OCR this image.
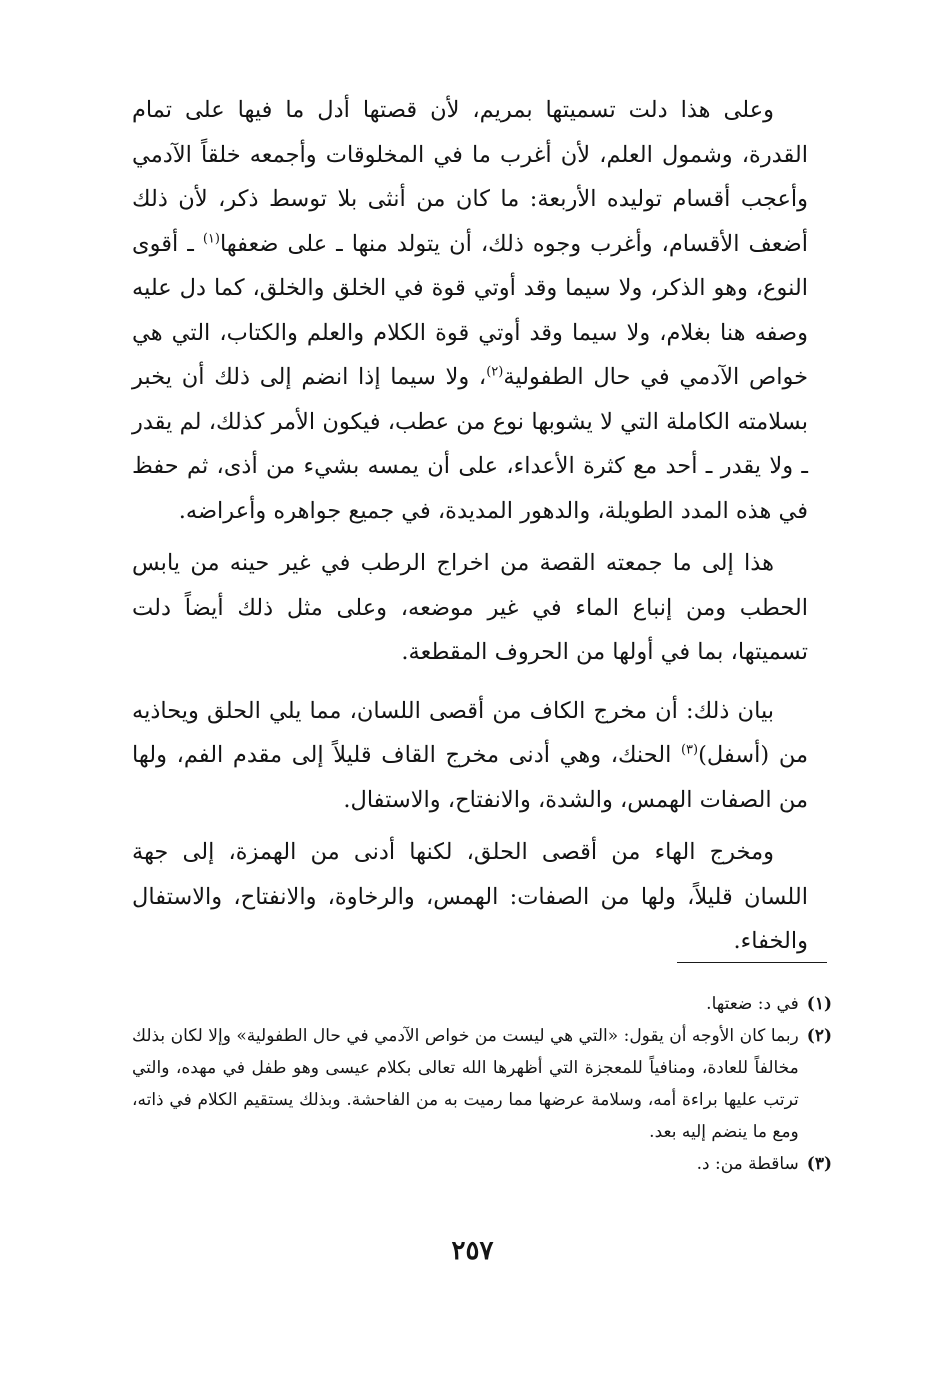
وعلى هذا دلت تسميتها بمريم، لأن قصتها أدل ما فيها على تمام القدرة، وشمول العلم، لأن أغرب ما في المخلوقات وأجمعه خلقاً الآدمي وأعجب أقسام توليده الأربعة: ما كان من أنثى بلا توسط ذكر، لأن ذلك أضعف الأقسام، وأغرب وجوه ذلك، أن يتولد منها ـ على ضعفها$^{(١)}$ ـ أقوى النوع، وهو الذكر، ولا سيما وقد أوتي قوة في الخلق والخلق، كما دل عليه وصفه هنا بغلام، ولا سيما وقد أوتي قوة الكلام والعلم والكتاب، التي هي خواص الآدمي في حال الطفولية$^{(٢)}$، ولا سيما إذا انضم إلى ذلك أن يخبر بسلامته الكاملة التي لا يشوبها نوع من عطب، فيكون الأمر كذلك، لم يقدر ـ ولا يقدر ـ أحد مع كثرة الأعداء، على أن يمسه بشيء من أذى، ثم حفظ في هذه المدد الطويلة، والدهور المديدة، في جميع جواهره وأعراضه.

هذا إلى ما جمعته القصة من اخراج الرطب في غير حينه من يابس الحطب ومن إنباع الماء في غير موضعه، وعلى مثل ذلك أيضاً دلت تسميتها، بما في أولها من الحروف المقطعة.

بيان ذلك: أن مخرج الكاف من أقصى اللسان، مما يلي الحلق ويحاذيه من (أسفل)$^{(٣)}$ الحنك، وهي أدنى مخرج القاف قليلاً إلى مقدم الفم، ولها من الصفات الهمس، والشدة، والانفتاح، والاستفال.

ومخرج الهاء من أقصى الحلق، لكنها أدنى من الهمزة، إلى جهة اللسان قليلاً، ولها من الصفات: الهمس، والرخاوة، والانفتاح، والاستفال والخفاء.

(١)
في د: ضعتها.

(٢)
ربما كان الأوجه أن يقول: «التي هي ليست من خواص الآدمي في حال الطفولية» وإلا لكان بذلك مخالفاً للعادة، ومنافياً للمعجزة التي أظهرها الله تعالى بكلام عيسى وهو طفل في مهده، والتي ترتب عليها براءة أمه، وسلامة عرضها مما رميت به من الفاحشة. وبذلك يستقيم الكلام في ذاته، ومع ما ينضم إليه بعد.

(٣)
ساقطة من: د.

٢٥٧
